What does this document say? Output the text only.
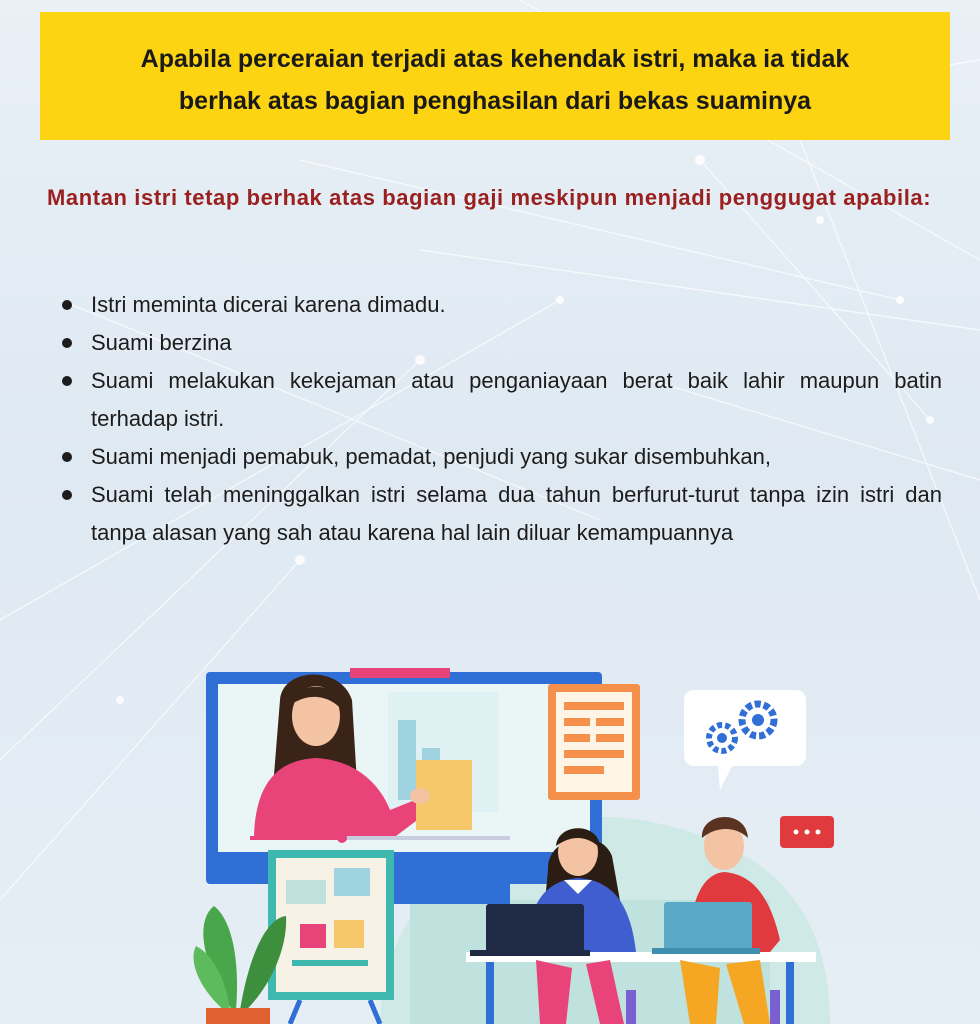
Apabila perceraian terjadi atas kehendak istri, maka ia tidak
berhak atas bagian penghasilan dari bekas suaminya
Mantan istri tetap berhak atas bagian gaji meskipun menjadi penggugat apabila:
Istri meminta dicerai karena dimadu.
Suami berzina
Suami melakukan kekejaman atau penganiayaan berat baik lahir maupun batin terhadap istri.
Suami menjadi pemabuk, pemadat, penjudi yang sukar disembuhkan,
Suami telah meninggalkan istri selama dua tahun berfurut-turut tanpa izin istri dan tanpa alasan yang sah atau karena hal lain diluar kemampuannya
